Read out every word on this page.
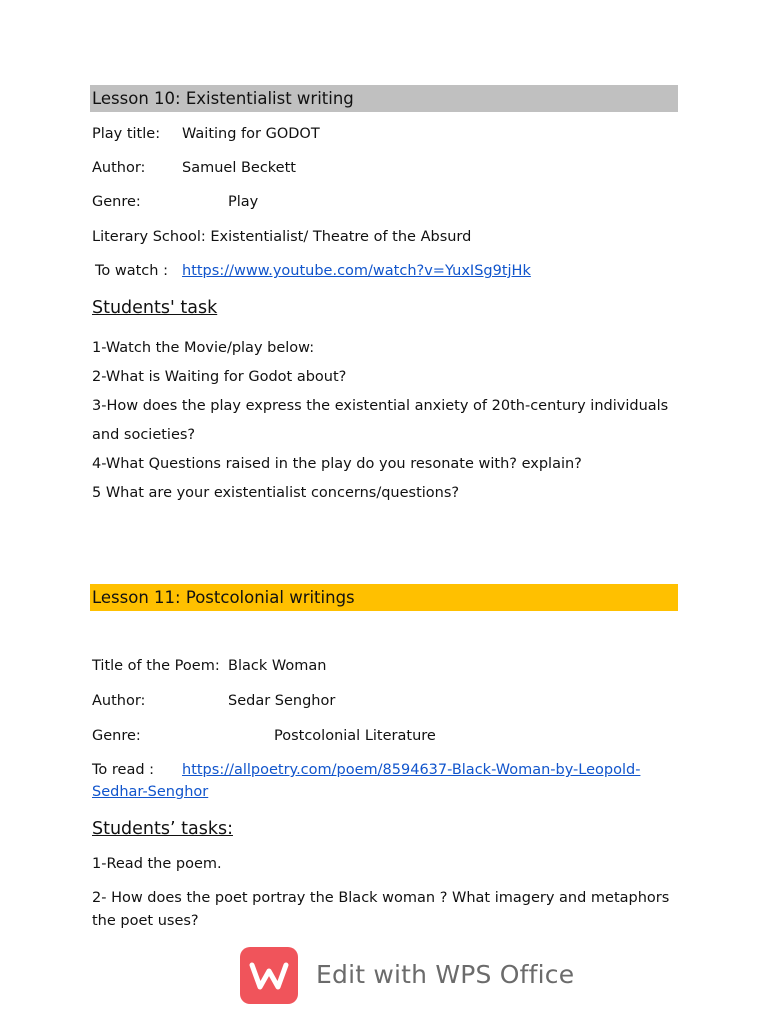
Lesson 10: Existentialist writing
Play title: Waiting for GODOT
Author:	Samuel Beckett
Genre:	Play
Literary School: Existentialist/ Theatre of the Absurd
To watch : https://www.youtube.com/watch?v=YuxISg9tjHk
Students' task
1-Watch the Movie/play below:
2-What is Waiting for Godot about?
3-How does the play express the existential anxiety of 20th-century individuals
and societies?
4-What Questions raised in the play do you resonate with? explain?
5 What are your existentialist concerns/questions?
Lesson 11: Postcolonial writings
Title of the Poem: Black Woman
Author:	Sedar Senghor
Genre:	Postcolonial Literature
To read : https://allpoetry.com/poem/8594637-Black-Woman-by-Leopold-
Sedhar-Senghor
Students’ tasks:
1-Read the poem.
2- How does the poet portray the Black woman ? What imagery and metaphors
the poet uses?
Edit with WPS Office
